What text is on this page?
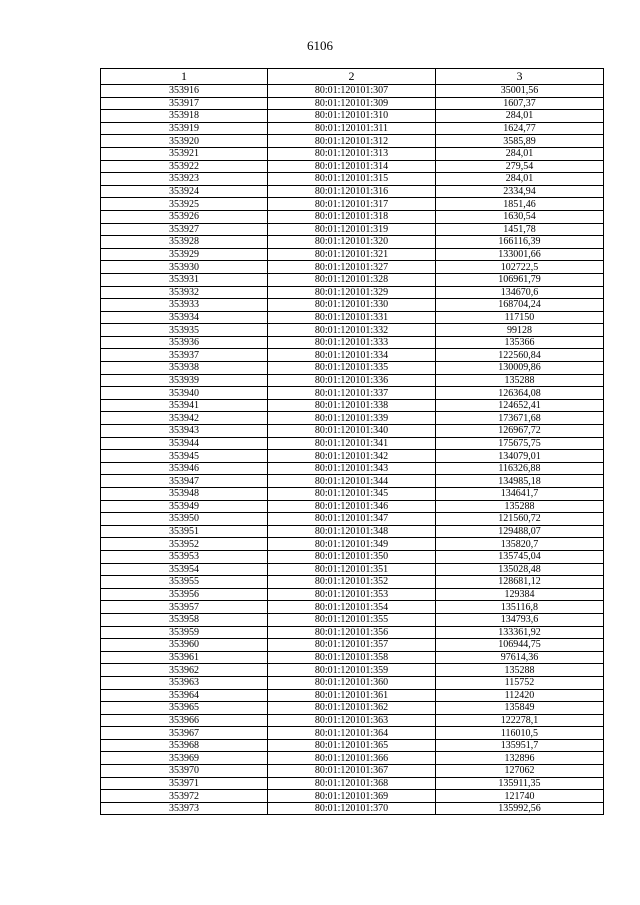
6106
1	2	3
353916	80:01:120101:307	35001,56
353917	80:01:120101:309	1607,37
353918	80:01:120101:310	284,01
353919	80:01:120101:311	1624,77
353920	80:01:120101:312	3585,89
353921	80:01:120101:313	284,01
353922	80:01:120101:314	279,54
353923	80:01:120101:315	284,01
353924	80:01:120101:316	2334,94
353925	80:01:120101:317	1851,46
353926	80:01:120101:318	1630,54
353927	80:01:120101:319	1451,78
353928	80:01:120101:320	166116,39
353929	80:01:120101:321	133001,66
353930	80:01:120101:327	102722,5
353931	80:01:120101:328	106961,79
353932	80:01:120101:329	134670,6
353933	80:01:120101:330	168704,24
353934	80:01:120101:331	117150
353935	80:01:120101:332	99128
353936	80:01:120101:333	135366
353937	80:01:120101:334	122560,84
353938	80:01:120101:335	130009,86
353939	80:01:120101:336	135288
353940	80:01:120101:337	126364,08
353941	80:01:120101:338	124652,41
353942	80:01:120101:339	173671,68
353943	80:01:120101:340	126967,72
353944	80:01:120101:341	175675,75
353945	80:01:120101:342	134079,01
353946	80:01:120101:343	116326,88
353947	80:01:120101:344	134985,18
353948	80:01:120101:345	134641,7
353949	80:01:120101:346	135288
353950	80:01:120101:347	121560,72
353951	80:01:120101:348	129488,07
353952	80:01:120101:349	135820,7
353953	80:01:120101:350	135745,04
353954	80:01:120101:351	135028,48
353955	80:01:120101:352	128681,12
353956	80:01:120101:353	129384
353957	80:01:120101:354	135116,8
353958	80:01:120101:355	134793,6
353959	80:01:120101:356	133361,92
353960	80:01:120101:357	106944,75
353961	80:01:120101:358	97614,36
353962	80:01:120101:359	135288
353963	80:01:120101:360	115752
353964	80:01:120101:361	112420
353965	80:01:120101:362	135849
353966	80:01:120101:363	122278,1
353967	80:01:120101:364	116010,5
353968	80:01:120101:365	135951,7
353969	80:01:120101:366	132896
353970	80:01:120101:367	127062
353971	80:01:120101:368	135911,35
353972	80:01:120101:369	121740
353973	80:01:120101:370	135992,56
